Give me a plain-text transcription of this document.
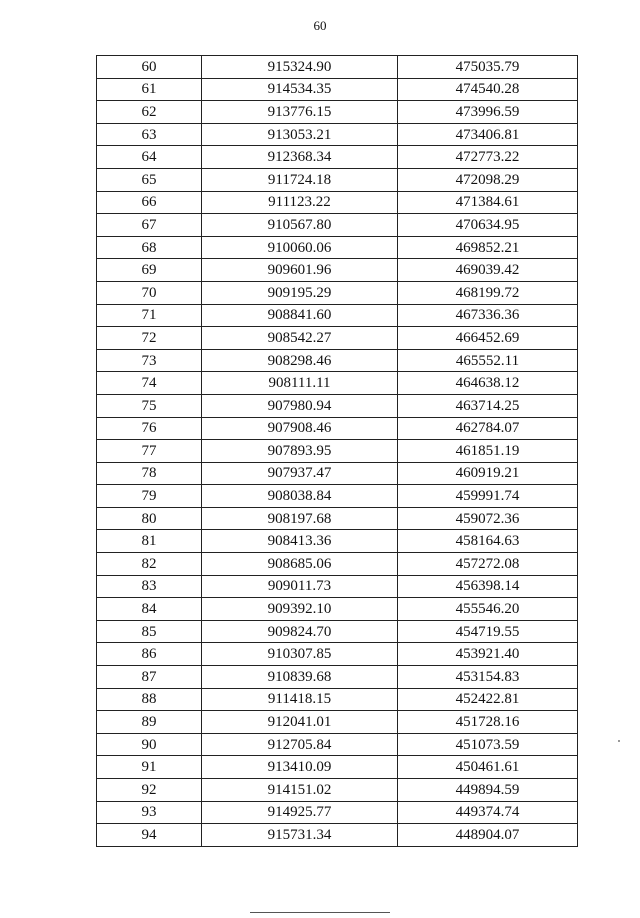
60
60	915324.90	475035.79
61	914534.35	474540.28
62	913776.15	473996.59
63	913053.21	473406.81
64	912368.34	472773.22
65	911724.18	472098.29
66	911123.22	471384.61
67	910567.80	470634.95
68	910060.06	469852.21
69	909601.96	469039.42
70	909195.29	468199.72
71	908841.60	467336.36
72	908542.27	466452.69
73	908298.46	465552.11
74	908111.11	464638.12
75	907980.94	463714.25
76	907908.46	462784.07
77	907893.95	461851.19
78	907937.47	460919.21
79	908038.84	459991.74
80	908197.68	459072.36
81	908413.36	458164.63
82	908685.06	457272.08
83	909011.73	456398.14
84	909392.10	455546.20
85	909824.70	454719.55
86	910307.85	453921.40
87	910839.68	453154.83
88	911418.15	452422.81
89	912041.01	451728.16
90	912705.84	451073.59
91	913410.09	450461.61
92	914151.02	449894.59
93	914925.77	449374.74
94	915731.34	448904.07
